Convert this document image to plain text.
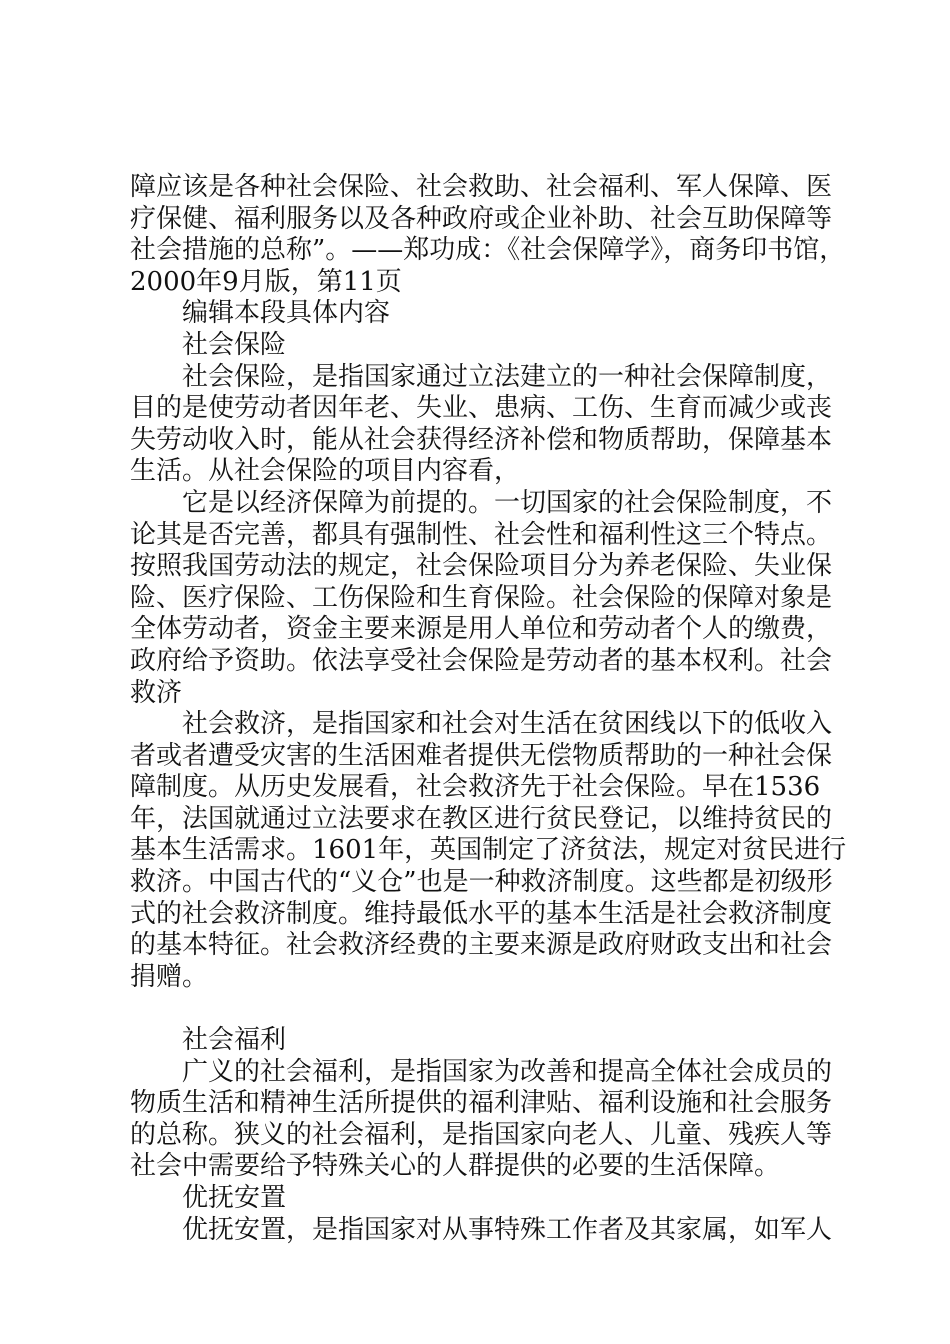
障应该是各种社会保险、社会救助、社会福利、军人保障、医疗保健、福利服务以及各种政府或企业补助、社会互助保障等社会措施的总称”。——郑功成：《社会保障学》，商务印书馆，2000年9月版，第11页

编辑本段具体内容

社会保险

社会保险，是指国家通过立法建立的一种社会保障制度，目的是使劳动者因年老、失业、患病、工伤、生育而减少或丧失劳动收入时，能从社会获得经济补偿和物质帮助，保障基本生活。从社会保险的项目内容看，

它是以经济保障为前提的。一切国家的社会保险制度，不论其是否完善，都具有强制性、社会性和福利性这三个特点。按照我国劳动法的规定，社会保险项目分为养老保险、失业保险、医疗保险、工伤保险和生育保险。社会保险的保障对象是全体劳动者，资金主要来源是用人单位和劳动者个人的缴费，政府给予资助。依法享受社会保险是劳动者的基本权利。社会救济

社会救济，是指国家和社会对生活在贫困线以下的低收入者或者遭受灾害的生活困难者提供无偿物质帮助的一种社会保障制度。从历史发展看，社会救济先于社会保险。早在1536年，法国就通过立法要求在教区进行贫民登记，以维持贫民的基本生活需求。1601年，英国制定了济贫法，规定对贫民进行救济。中国古代的“义仓”也是一种救济制度。这些都是初级形式的社会救济制度。维持最低水平的基本生活是社会救济制度的基本特征。社会救济经费的主要来源是政府财政支出和社会捐赠。

社会福利

广义的社会福利，是指国家为改善和提高全体社会成员的物质生活和精神生活所提供的福利津贴、福利设施和社会服务的总称。狭义的社会福利，是指国家向老人、儿童、残疾人等社会中需要给予特殊关心的人群提供的必要的生活保障。

优抚安置

优抚安置，是指国家对从事特殊工作者及其家属，如军人
